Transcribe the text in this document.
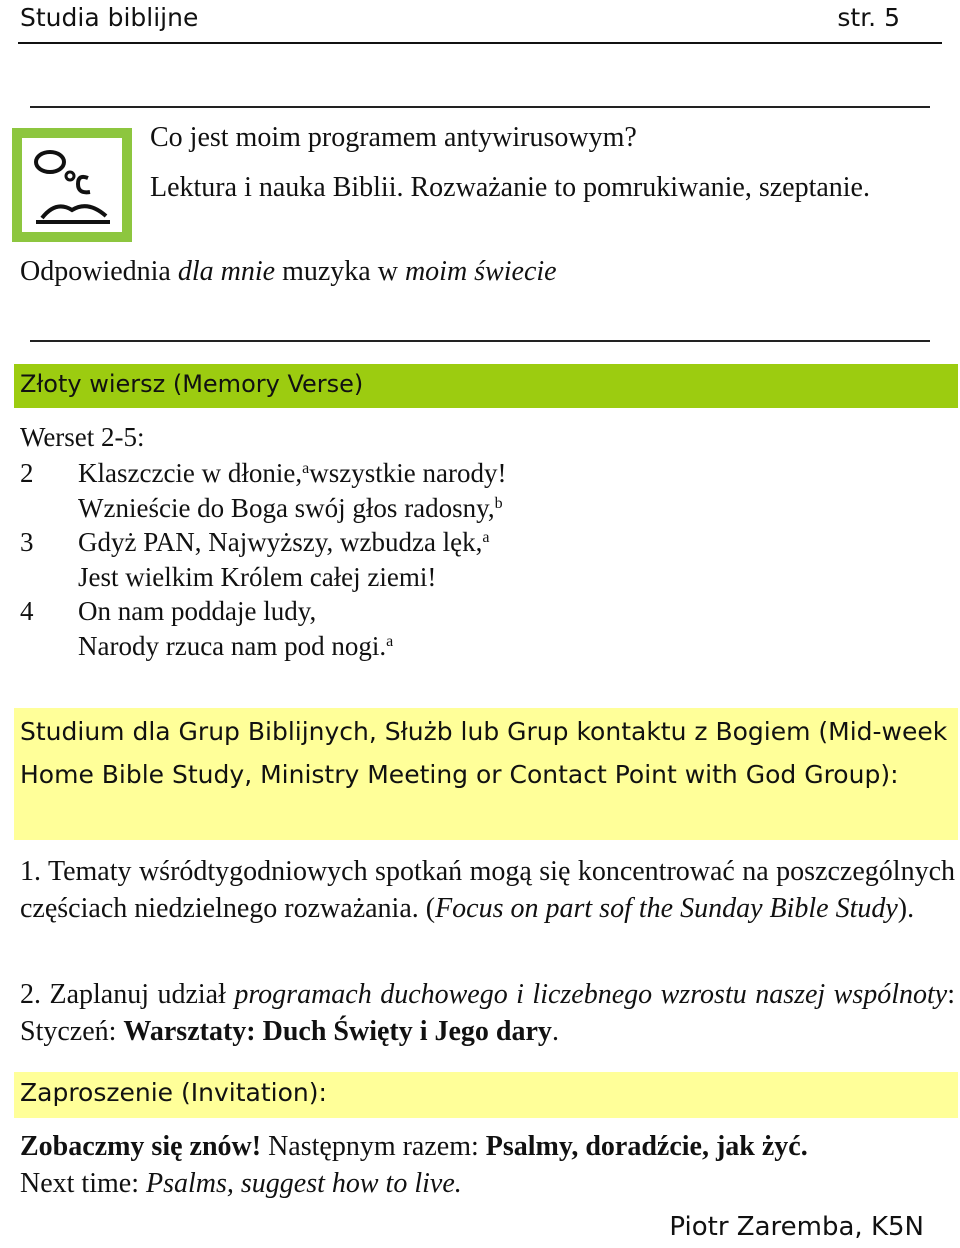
Studia biblijne	str. 5
Co jest moim programem antywirusowym?
Lektura i nauka Biblii. Rozważanie to pomrukiwanie, szeptanie.
Odpowiednia dla mnie muzyka w moim świecie
Złoty wiersz (Memory Verse)
Werset 2-5:
2	Klaszczcie w dłonie,$^a$ wszystkie narody!
Wznieście do Boga swój głos radosny,$^b$
3	Gdyż PAN, Najwyższy, wzbudza lęk,$^a$
Jest wielkim Królem całej ziemi!
4	On nam poddaje ludy,
Narody rzuca nam pod nogi.$^a$
Studium dla Grup Biblijnych, Służb lub Grup kontaktu z Bogiem (Mid-week Home Bible Study, Ministry Meeting or Contact Point with God Group):
1. Tematy wśródtygodniowych spotkań mogą się koncentrować na poszczególnych częściach niedzielnego rozważania. (Focus on part sof the Sunday Bible Study).
2. Zaplanuj udział programach duchowego i liczebnego wzrostu naszej wspólnoty: Styczeń: Warsztaty: Duch Święty i Jego dary.
Zaproszenie (Invitation):
Zobaczmy się znów! Następnym razem: Psalmy, doradźcie, jak żyć.
Next time: Psalms, suggest how to live.
Piotr Zaremba, K5N
